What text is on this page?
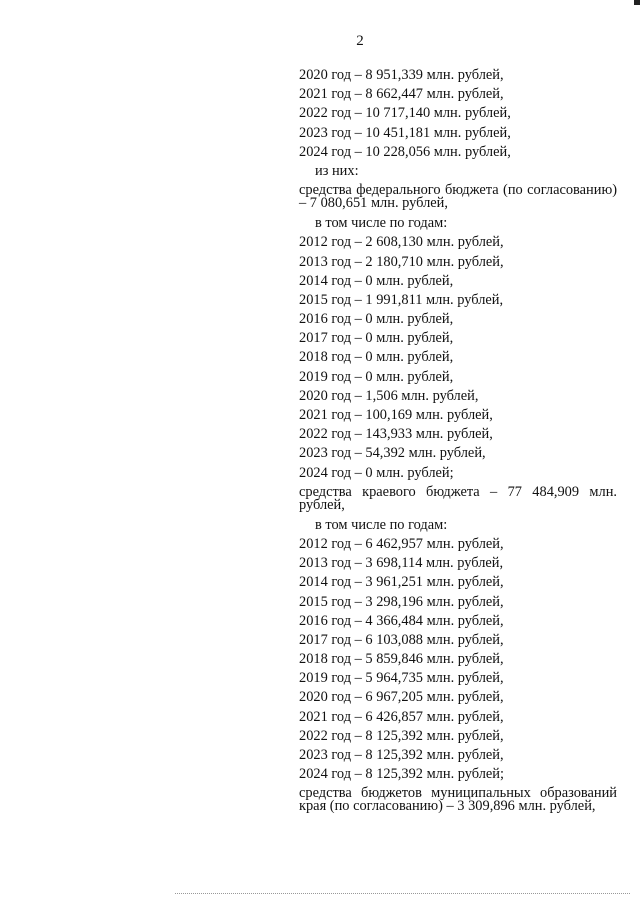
2
2020 год – 8 951,339 млн. рублей,
2021 год – 8 662,447 млн. рублей,
2022 год – 10 717,140 млн. рублей,
2023 год – 10 451,181 млн. рублей,
2024 год – 10 228,056 млн. рублей,
из них:
средства федерального бюджета (по согласованию) – 7 080,651 млн. рублей,
в том числе по годам:
2012 год – 2 608,130 млн. рублей,
2013 год – 2 180,710 млн. рублей,
2014 год – 0 млн. рублей,
2015 год – 1 991,811 млн. рублей,
2016 год – 0 млн. рублей,
2017 год – 0 млн. рублей,
2018 год – 0 млн. рублей,
2019 год – 0 млн. рублей,
2020 год – 1,506 млн. рублей,
2021 год – 100,169 млн. рублей,
2022 год – 143,933 млн. рублей,
2023 год – 54,392 млн. рублей,
2024 год – 0 млн. рублей;
средства краевого бюджета – 77 484,909 млн. рублей,
в том числе по годам:
2012 год – 6 462,957 млн. рублей,
2013 год – 3 698,114 млн. рублей,
2014 год – 3 961,251 млн. рублей,
2015 год – 3 298,196 млн. рублей,
2016 год – 4 366,484 млн. рублей,
2017 год – 6 103,088 млн. рублей,
2018 год – 5 859,846 млн. рублей,
2019 год – 5 964,735 млн. рублей,
2020 год – 6 967,205 млн. рублей,
2021 год – 6 426,857 млн. рублей,
2022 год – 8 125,392 млн. рублей,
2023 год – 8 125,392 млн. рублей,
2024 год – 8 125,392 млн. рублей;
средства бюджетов муниципальных образований края (по согласованию) – 3 309,896 млн. рублей,
